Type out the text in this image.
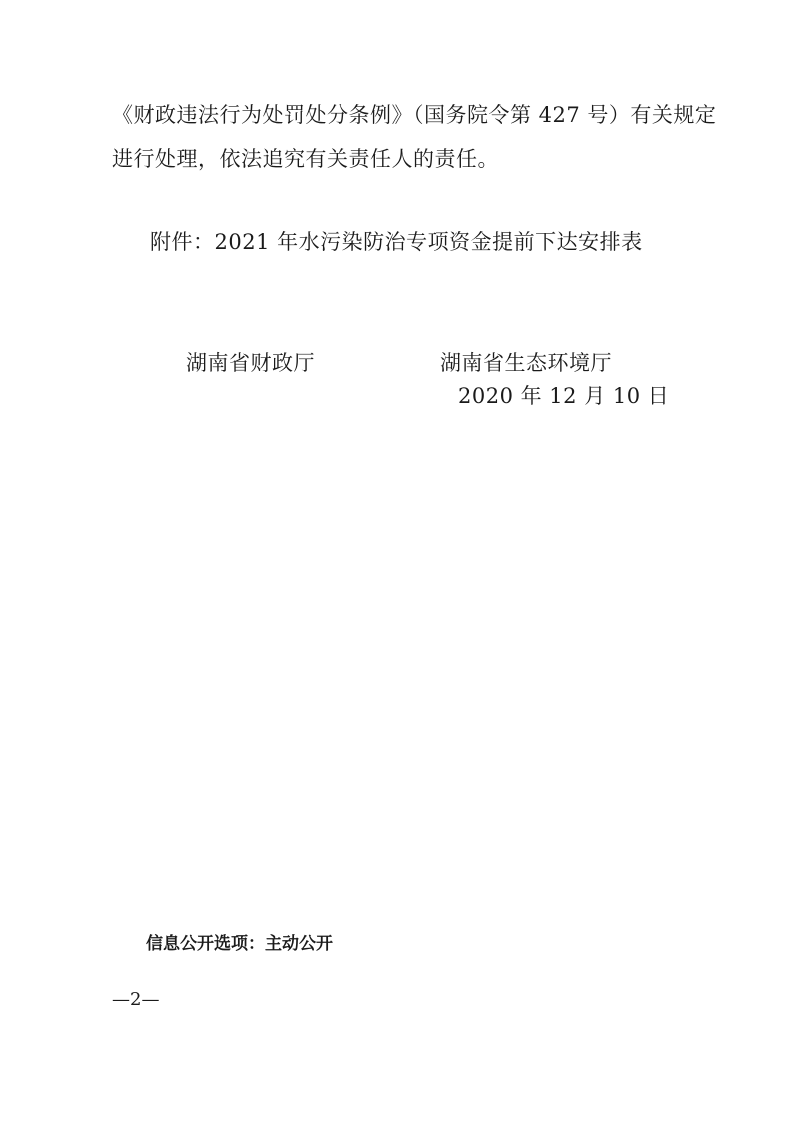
《财政违法行为处罚处分条例》（国务院令第 427 号）有关规定
进行处理，依法追究有关责任人的责任。
附件：2021 年水污染防治专项资金提前下达安排表
湖南省财政厅	湖南省生态环境厅
2020 年 12 月 10 日
信息公开选项：主动公开
—2—
